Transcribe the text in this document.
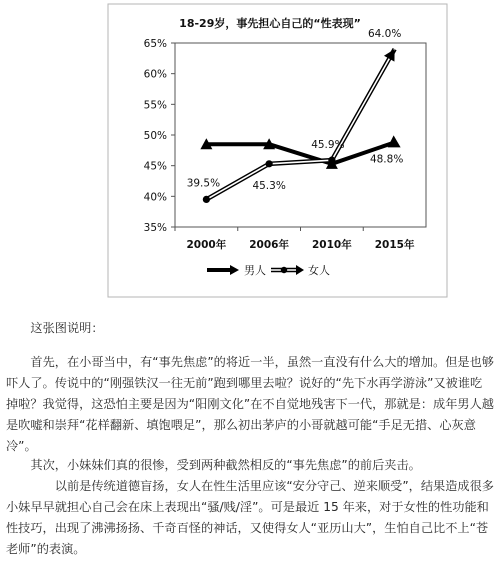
18-29岁，事先担心自己的“性表现”
65%
60%
55%
50%
45%
40%
35%
2000年 2006年 2010年 2015年
39.5%	45.3%
45.9%
64.0%
48.8%
男人	女人

这张图说明：

首先，在小哥当中，有“事先焦虑”的将近一半，虽然一直没有什么大的增加。但是也够吓人了。传说中的“刚强铁汉一往无前”跑到哪里去啦？说好的“先下水再学游泳”又被谁吃掉啦？我觉得，这恐怕主要是因为“阳刚文化”在不自觉地残害下一代，那就是：成年男人越是吹嘘和崇拜“花样翻新、填饱喂足”，那么初出茅庐的小哥就越可能“手足无措、心灰意冷”。

其次，小妹妹们真的很惨，受到两种截然相反的“事先焦虑”的前后夹击。

以前是传统道德盲扬，女人在性生活里应该“安分守己、逆来顺受”，结果造成很多小妹早早就担心自己会在床上表现出“骚/贱/淫”。可是最近 15 年来，对于女性的性功能和性技巧，出现了沸沸扬扬、千奇百怪的神话，又使得女人“亚历山大”，生怕自己比不上“苍老师”的表演。
